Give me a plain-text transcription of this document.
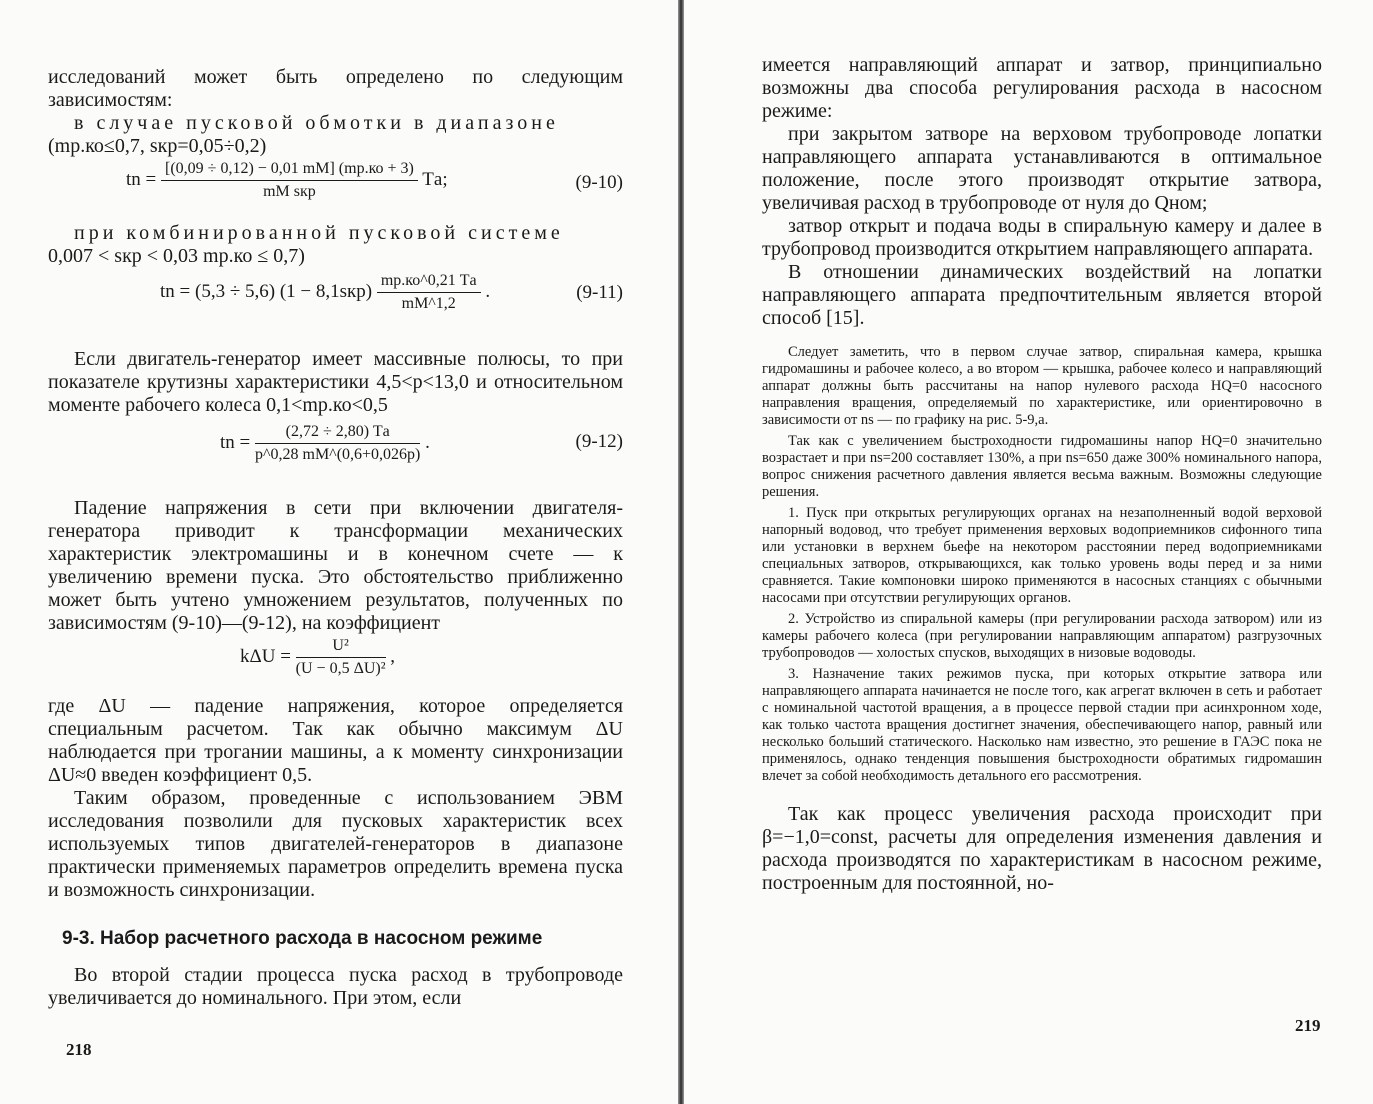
исследований может быть определено по следующим зависимостям:

в случае пусковой обмотки в диапазоне

(mр.ко≤0,7, sкр=0,05÷0,2)

tn = $\frac{[(0,09 \div 0,12) - 0,01 mM] (mр.ко + 3)}{\text{mM sкр}}$ Tа;	(9-10)

при комбинированной пусковой системе

0,007 < sкр < 0,03 mр.ко ≤ 0,7)

tn = (5,3 ÷ 5,6) $(1 - 8,1sкр) \frac{mр.ко\^{}0,21 Tа}{mM\^{}1,2}$ .	(9-11)

Если двигатель-генератор имеет массивные полюсы, то при показателе крутизны характеристики 4,5<p<13,0 и относительном моменте рабочего колеса 0,1<mр.ко<0,5

tn = $\frac{(2,72 \div 2,80) Tа}{p\^{}0,28 mM\^{}(0,6+0,026p)}$ .	(9-12)

Падение напряжения в сети при включении двигателя-генератора приводит к трансформации механических характеристик электромашины и в конечном счете — к увеличению времени пуска. Это обстоятельство приближенно может быть учтено умножением результатов, полученных по зависимостям (9-10)—(9-12), на коэффициент

$k\Delta U = \frac{\text{U²}}{\text{(U − 0,5 ΔU)²}}$ ,

где ΔU — падение напряжения, которое определяется специальным расчетом. Так как обычно максимум ΔU наблюдается при трогании машины, а к моменту синхронизации ΔU≈0 введен коэффициент 0,5.

Таким образом, проведенные с использованием ЭВМ исследования позволили для пусковых характеристик всех используемых типов двигателей-генераторов в диапазоне практически применяемых параметров определить времена пуска и возможность синхронизации.

9-3. Набор расчетного расхода в насосном режиме

Во второй стадии процесса пуска расход в трубопроводе увеличивается до номинального. При этом, если

218

имеется направляющий аппарат и затвор, принципиально возможны два способа регулирования расхода в насосном режиме:

при закрытом затворе на верховом трубопроводе лопатки направляющего аппарата устанавливаются в оптимальное положение, после этого производят открытие затвора, увеличивая расход в трубопроводе от нуля до Qном;

затвор открыт и подача воды в спиральную камеру и далее в трубопровод производится открытием направляющего аппарата.

В отношении динамических воздействий на лопатки направляющего аппарата предпочтительным является второй способ [15].

Следует заметить, что в первом случае затвор, спиральная камера, крышка гидромашины и рабочее колесо, а во втором — крышка, рабочее колесо и направляющий аппарат должны быть рассчитаны на напор нулевого расхода HQ=0 насосного направления вращения, определяемый по характеристике, или ориентировочно в зависимости от ns — по графику на рис. 5-9,а.

Так как с увеличением быстроходности гидромашины напор HQ=0 значительно возрастает и при ns=200 составляет 130%, а при ns=650 даже 300% номинального напора, вопрос снижения расчетного давления является весьма важным. Возможны следующие решения.

1. Пуск при открытых регулирующих органах на незаполненный водой верховой напорный водовод, что требует применения верховых водоприемников сифонного типа или установки в верхнем бьефе на некотором расстоянии перед водоприемниками специальных затворов, открывающихся, как только уровень воды перед и за ними сравняется. Такие компоновки широко применяются в насосных станциях с обычными насосами при отсутствии регулирующих органов.

2. Устройство из спиральной камеры (при регулировании расхода затвором) или из камеры рабочего колеса (при регулировании направляющим аппаратом) разгрузочных трубопроводов — холостых спусков, выходящих в низовые водоводы.

3. Назначение таких режимов пуска, при которых открытие затвора или направляющего аппарата начинается не после того, как агрегат включен в сеть и работает с номинальной частотой вращения, а в процессе первой стадии при асинхронном ходе, как только частота вращения достигнет значения, обеспечивающего напор, равный или несколько больший статического. Насколько нам известно, это решение в ГАЭС пока не применялось, однако тенденция повышения быстроходности обратимых гидромашин влечет за собой необходимость детального его рассмотрения.

Так как процесс увеличения расхода происходит при β=−1,0=const, расчеты для определения изменения давления и расхода производятся по характеристикам в насосном режиме, построенным для постоянной, но-

219
